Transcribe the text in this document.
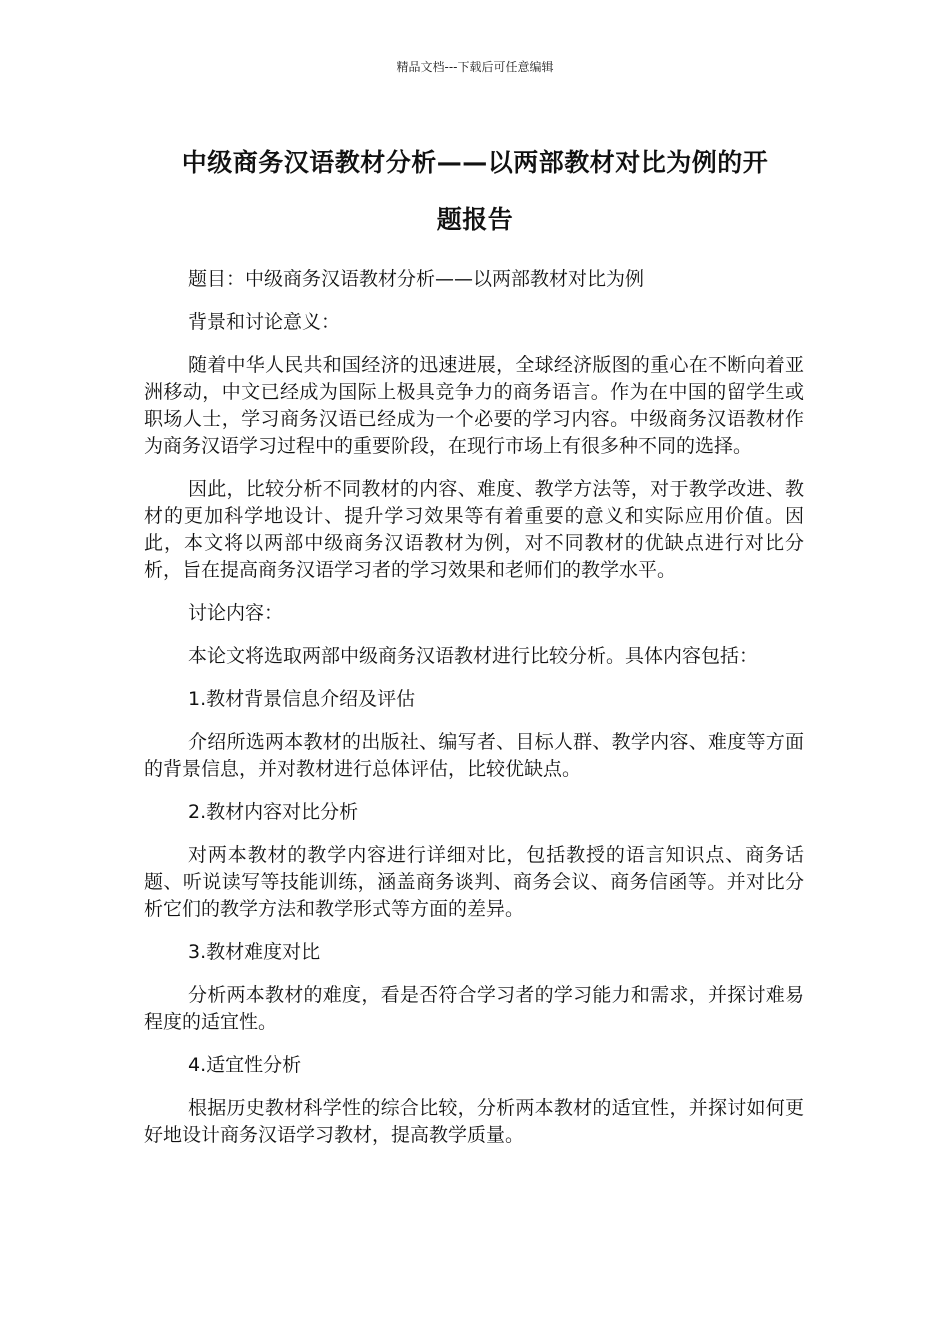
精品文档---下载后可任意编辑
中级商务汉语教材分析——以两部教材对比为例的开
题报告

题目：中级商务汉语教材分析——以两部教材对比为例

背景和讨论意义：

随着中华人民共和国经济的迅速进展，全球经济版图的重心在不断向着亚洲移动，中文已经成为国际上极具竞争力的商务语言。作为在中国的留学生或职场人士，学习商务汉语已经成为一个必要的学习内容。中级商务汉语教材作为商务汉语学习过程中的重要阶段，在现行市场上有很多种不同的选择。

因此，比较分析不同教材的内容、难度、教学方法等，对于教学改进、教材的更加科学地设计、提升学习效果等有着重要的意义和实际应用价值。因此，本文将以两部中级商务汉语教材为例，对不同教材的优缺点进行对比分析，旨在提高商务汉语学习者的学习效果和老师们的教学水平。

讨论内容：

本论文将选取两部中级商务汉语教材进行比较分析。具体内容包括：

1.教材背景信息介绍及评估

介绍所选两本教材的出版社、编写者、目标人群、教学内容、难度等方面的背景信息，并对教材进行总体评估，比较优缺点。

2.教材内容对比分析

对两本教材的教学内容进行详细对比，包括教授的语言知识点、商务话题、听说读写等技能训练，涵盖商务谈判、商务会议、商务信函等。并对比分析它们的教学方法和教学形式等方面的差异。

3.教材难度对比

分析两本教材的难度，看是否符合学习者的学习能力和需求，并探讨难易程度的适宜性。

4.适宜性分析

根据历史教材科学性的综合比较，分析两本教材的适宜性，并探讨如何更好地设计商务汉语学习教材，提高教学质量。
